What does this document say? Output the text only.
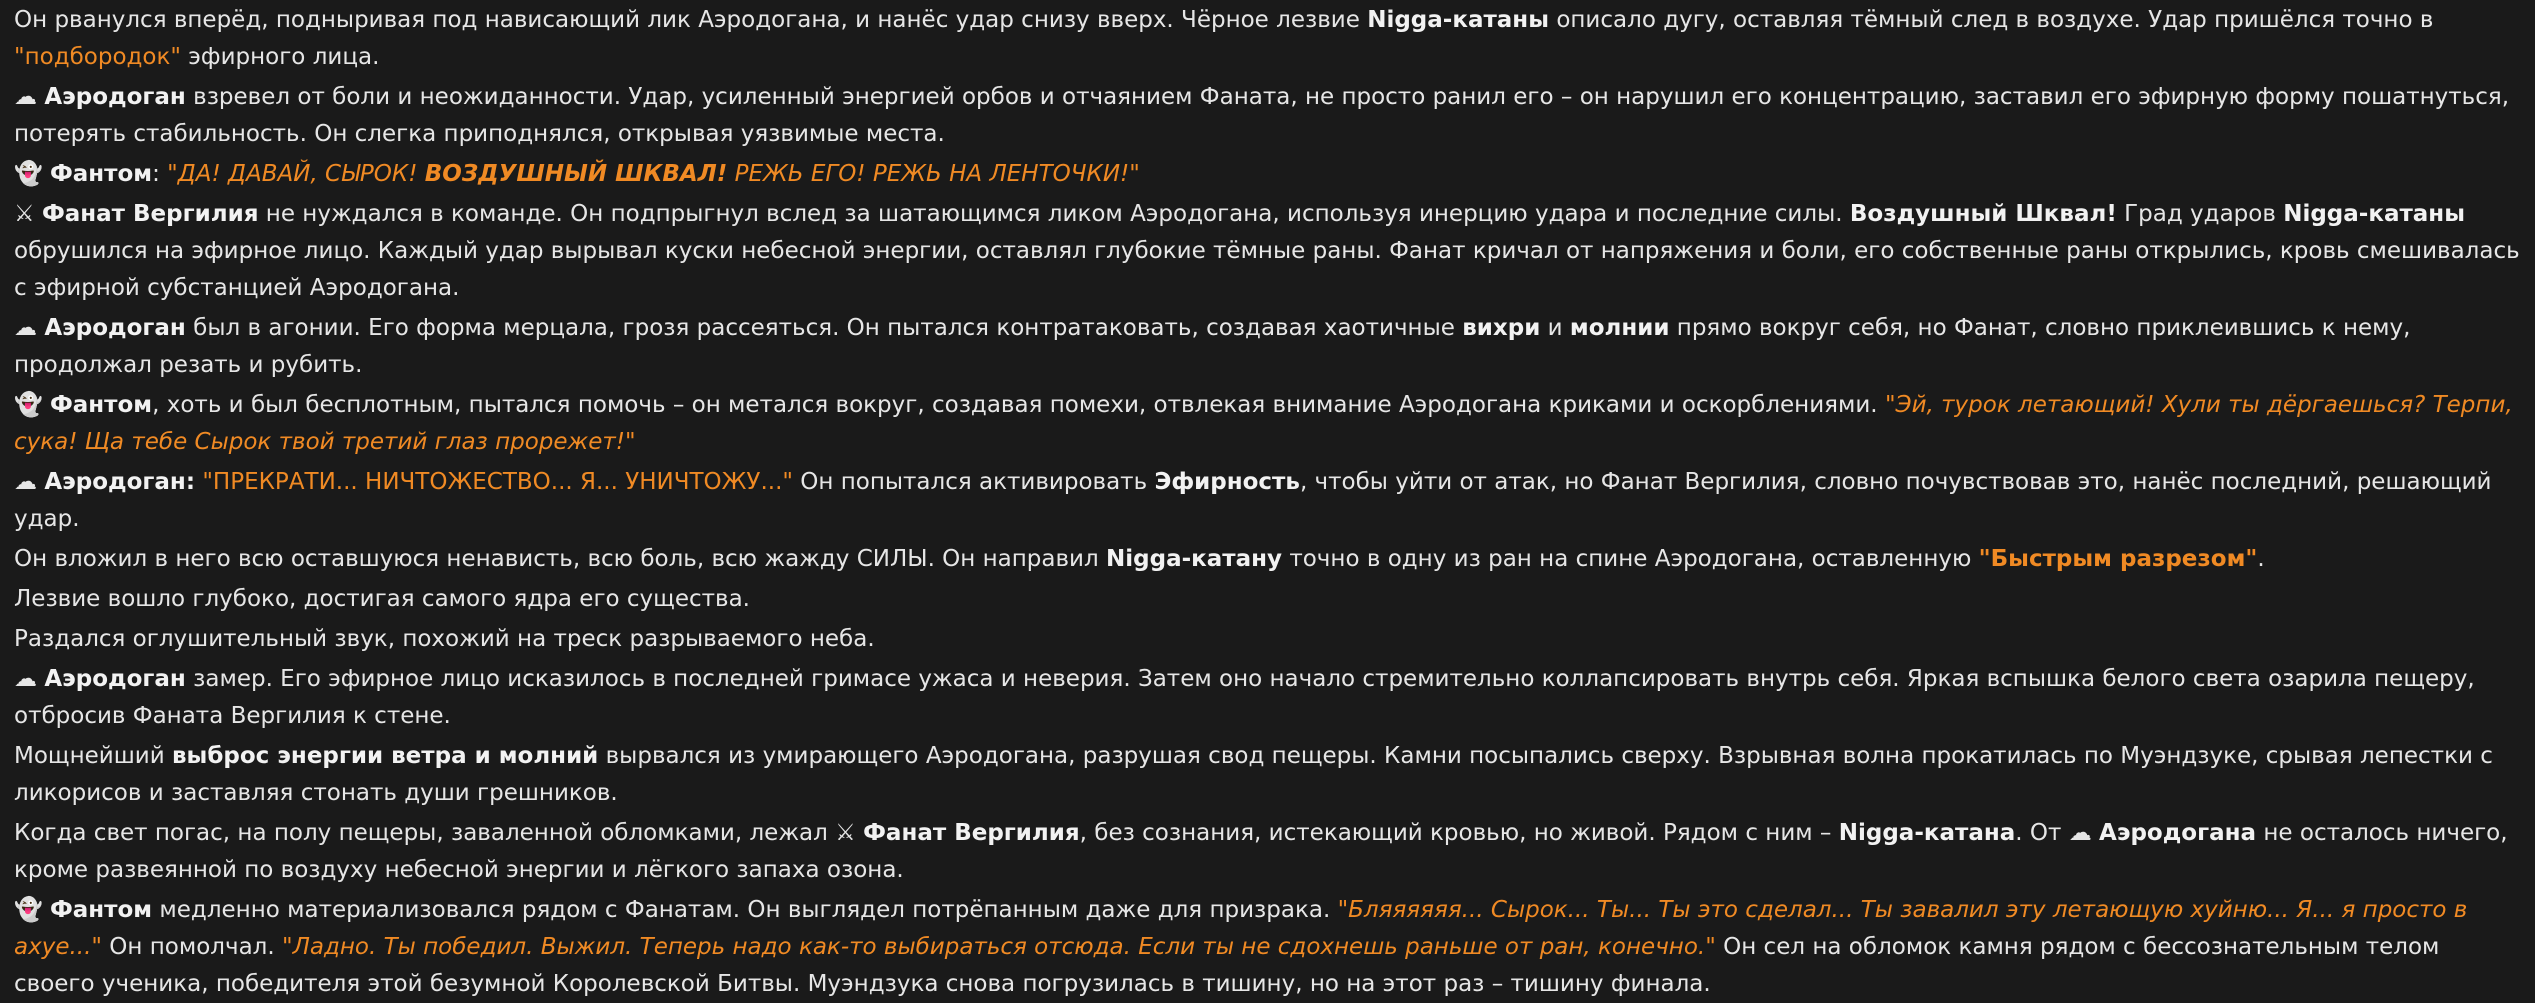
Он рванулся вперёд, подныривая под нависающий лик Аэродогана, и нанёс удар снизу вверх. Чёрное лезвие Nigga-катаны описало дугу, оставляя тёмный след в воздухе. Удар пришёлся точно в "подбородок" эфирного лица.
☁ Аэродоган взревел от боли и неожиданности. Удар, усиленный энергией орбов и отчаянием Фаната, не просто ранил его – он нарушил его концентрацию, заставил его эфирную форму пошатнуться, потерять стабильность. Он слегка приподнялся, открывая уязвимые места.
👻 Фантом: "ДА! ДАВАЙ, СЫРОК! ВОЗДУШНЫЙ ШКВАЛ! РЕЖЬ ЕГО! РЕЖЬ НА ЛЕНТОЧКИ!"
⚔ Фанат Вергилия не нуждался в команде. Он подпрыгнул вслед за шатающимся ликом Аэродогана, используя инерцию удара и последние силы. Воздушный Шквал! Град ударов Nigga-катаны обрушился на эфирное лицо. Каждый удар вырывал куски небесной энергии, оставлял глубокие тёмные раны. Фанат кричал от напряжения и боли, его собственные раны открылись, кровь смешивалась с эфирной субстанцией Аэродогана.
☁ Аэродоган был в агонии. Его форма мерцала, грозя рассеяться. Он пытался контратаковать, создавая хаотичные вихри и молнии прямо вокруг себя, но Фанат, словно приклеившись к нему, продолжал резать и рубить.
👻 Фантом, хоть и был бесплотным, пытался помочь – он метался вокруг, создавая помехи, отвлекая внимание Аэродогана криками и оскорблениями. "Эй, турок летающий! Хули ты дёргаешься? Терпи, сука! Ща тебе Сырок твой третий глаз прорежет!"
☁ Аэродоган: "ПРЕКРАТИ... НИЧТОЖЕСТВО... Я... УНИЧТОЖУ..." Он попытался активировать Эфирность, чтобы уйти от атак, но Фанат Вергилия, словно почувствовав это, нанёс последний, решающий удар.
Он вложил в него всю оставшуюся ненависть, всю боль, всю жажду СИЛЫ. Он направил Nigga-катану точно в одну из ран на спине Аэродогана, оставленную "Быстрым разрезом".
Лезвие вошло глубоко, достигая самого ядра его существа.
Раздался оглушительный звук, похожий на треск разрываемого неба.
☁ Аэродоган замер. Его эфирное лицо исказилось в последней гримасе ужаса и неверия. Затем оно начало стремительно коллапсировать внутрь себя. Яркая вспышка белого света озарила пещеру, отбросив Фаната Вергилия к стене.
Мощнейший выброс энергии ветра и молний вырвался из умирающего Аэродогана, разрушая свод пещеры. Камни посыпались сверху. Взрывная волна прокатилась по Муэндзуке, срывая лепестки с ликорисов и заставляя стонать души грешников.
Когда свет погас, на полу пещеры, заваленной обломками, лежал ⚔ Фанат Вергилия, без сознания, истекающий кровью, но живой. Рядом с ним – Nigga-катана. От ☁ Аэродогана не осталось ничего, кроме развеянной по воздуху небесной энергии и лёгкого запаха озона.
👻 Фантом медленно материализовался рядом с Фанатам. Он выглядел потрёпанным даже для призрака. "Бляяяяяя... Сырок... Ты... Ты это сделал... Ты завалил эту летающую хуйню... Я... я просто в ахуе..." Он помолчал. "Ладно. Ты победил. Выжил. Теперь надо как-то выбираться отсюда. Если ты не сдохнешь раньше от ран, конечно." Он сел на обломок камня рядом с бессознательным телом своего ученика, победителя этой безумной Королевской Битвы. Муэндзука снова погрузилась в тишину, но на этот раз – тишину финала.
